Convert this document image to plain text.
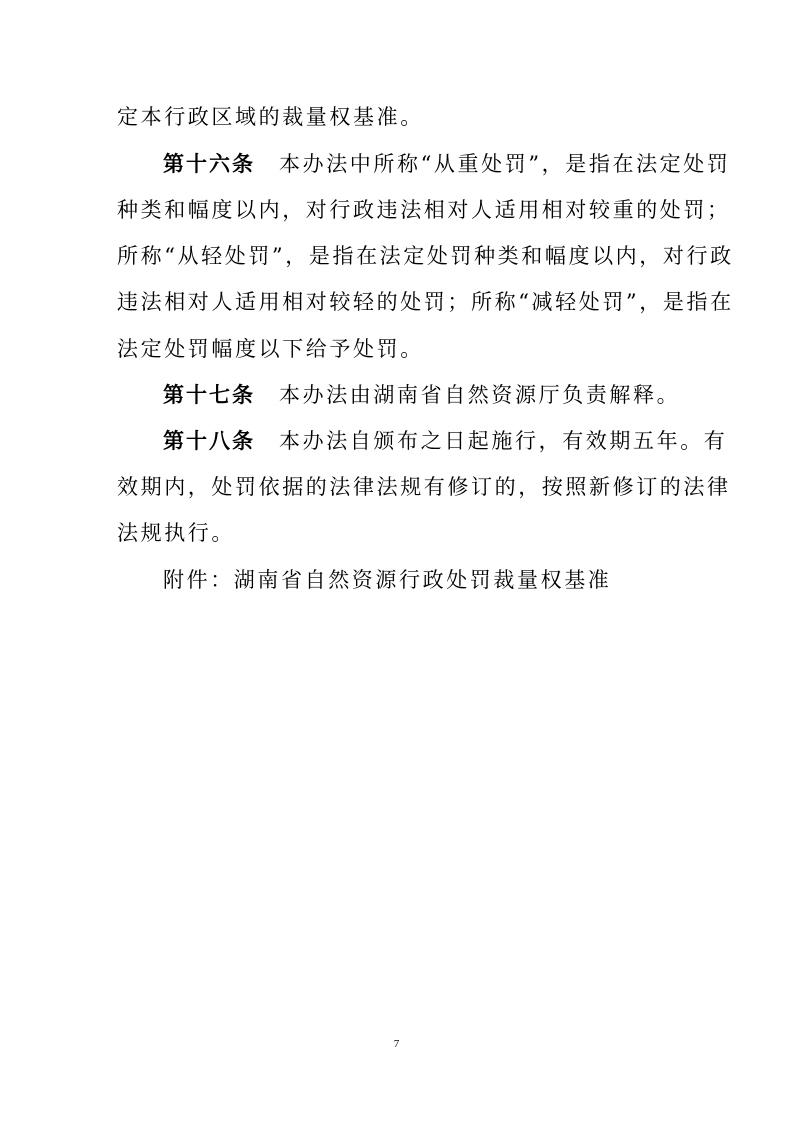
定本行政区域的裁量权基准。
第十六条 本办法中所称“从重处罚”，是指在法定处罚
种类和幅度以内，对行政违法相对人适用相对较重的处罚；
所称“从轻处罚”，是指在法定处罚种类和幅度以内，对行政
违法相对人适用相对较轻的处罚；所称“减轻处罚”，是指在
法定处罚幅度以下给予处罚。
第十七条 本办法由湖南省自然资源厅负责解释。
第十八条 本办法自颁布之日起施行，有效期五年。有
效期内，处罚依据的法律法规有修订的，按照新修订的法律
法规执行。
附件：湖南省自然资源行政处罚裁量权基准
7
